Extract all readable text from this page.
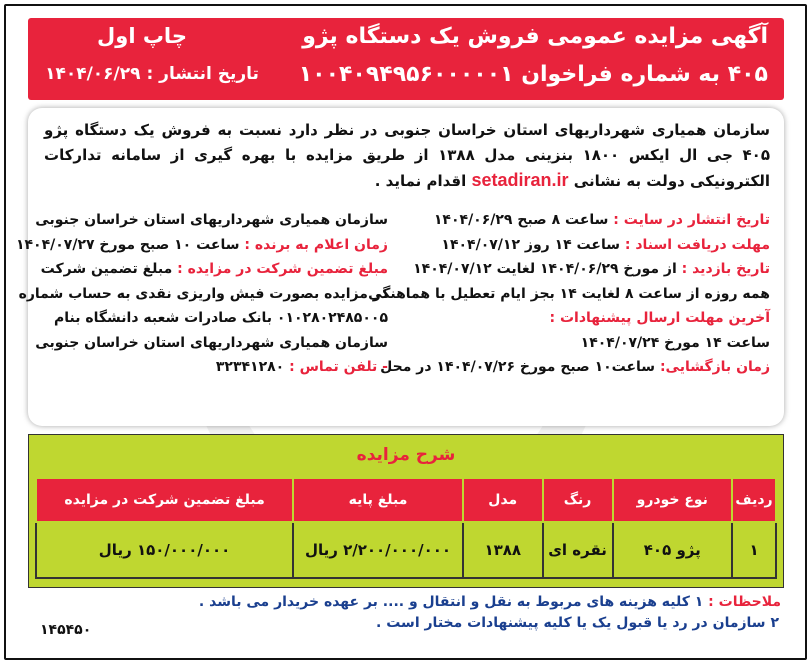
آگهی مزایده عمومی فروش یک دستگاه پژو
۴۰۵ به شماره فراخوان ۱۰۰۴۰۹۴۹۵۶۰۰۰۰۰۱
چاپ اول
تاریخ انتشار : ۱۴۰۴/۰۶/۲۹
سازمان همیاری شهرداریهای استان خراسان جنوبی در نظر دارد نسبت به فروش یک دستگاه پژو ۴۰۵ جی ال ایکس ۱۸۰۰ بنزینی مدل ۱۳۸۸ از طریق مزایده با بهره گیری از سامانه تدارکات الکترونیکی دولت به نشانی setadiran.ir اقدام نماید .
تاریخ انتشار در سایت : ساعت ۸ صبح ۱۴۰۴/۰۶/۲۹
مهلت دریافت اسناد : ساعت ۱۴ روز ۱۴۰۴/۰۷/۱۲
تاریخ بازدید : از مورخ ۱۴۰۴/۰۶/۲۹ لغایت ۱۴۰۴/۰۷/۱۲
همه روزه از ساعت ۸ لغایت ۱۴ بجز ایام تعطیل با هماهنگی
آخرین مهلت ارسال پیشنهادات :
ساعت ۱۴ مورخ ۱۴۰۴/۰۷/۲۴
زمان بازگشایی: ساعت۱۰ صبح مورخ ۱۴۰۴/۰۷/۲۶ در محل
سازمان همیاری شهرداریهای استان خراسان جنوبی
زمان اعلام به برنده : ساعت ۱۰ صبح مورخ ۱۴۰۴/۰۷/۲۷
مبلغ تضمین شرکت در مزایده : مبلغ تضمین شرکت
در مزایده بصورت فیش واریزی نقدی به حساب شماره
۰۱۰۲۸۰۲۴۸۵۰۰۵ بانک صادرات شعبه دانشگاه بنام
سازمان همیاری شهرداریهای استان خراسان جنوبی
- تلفن تماس : ۳۲۳۴۱۲۸۰
شرح مزایده
ردیف	نوع خودرو	رنگ	مدل	مبلغ پایه	مبلغ تضمین شرکت در مزایده
۱	پژو ۴۰۵	نقره ای	۱۳۸۸	۲/۲۰۰/۰۰۰/۰۰۰ ریال	۱۵۰/۰۰۰/۰۰۰ ریال
ملاحظات : ۱ کلیه هزینه های مربوط به نقل و انتقال و .... بر عهده خریدار می باشد .
۲ سازمان در رد یا قبول یک یا کلیه پیشنهادات مختار است .
۱۴۵۴۵۰
